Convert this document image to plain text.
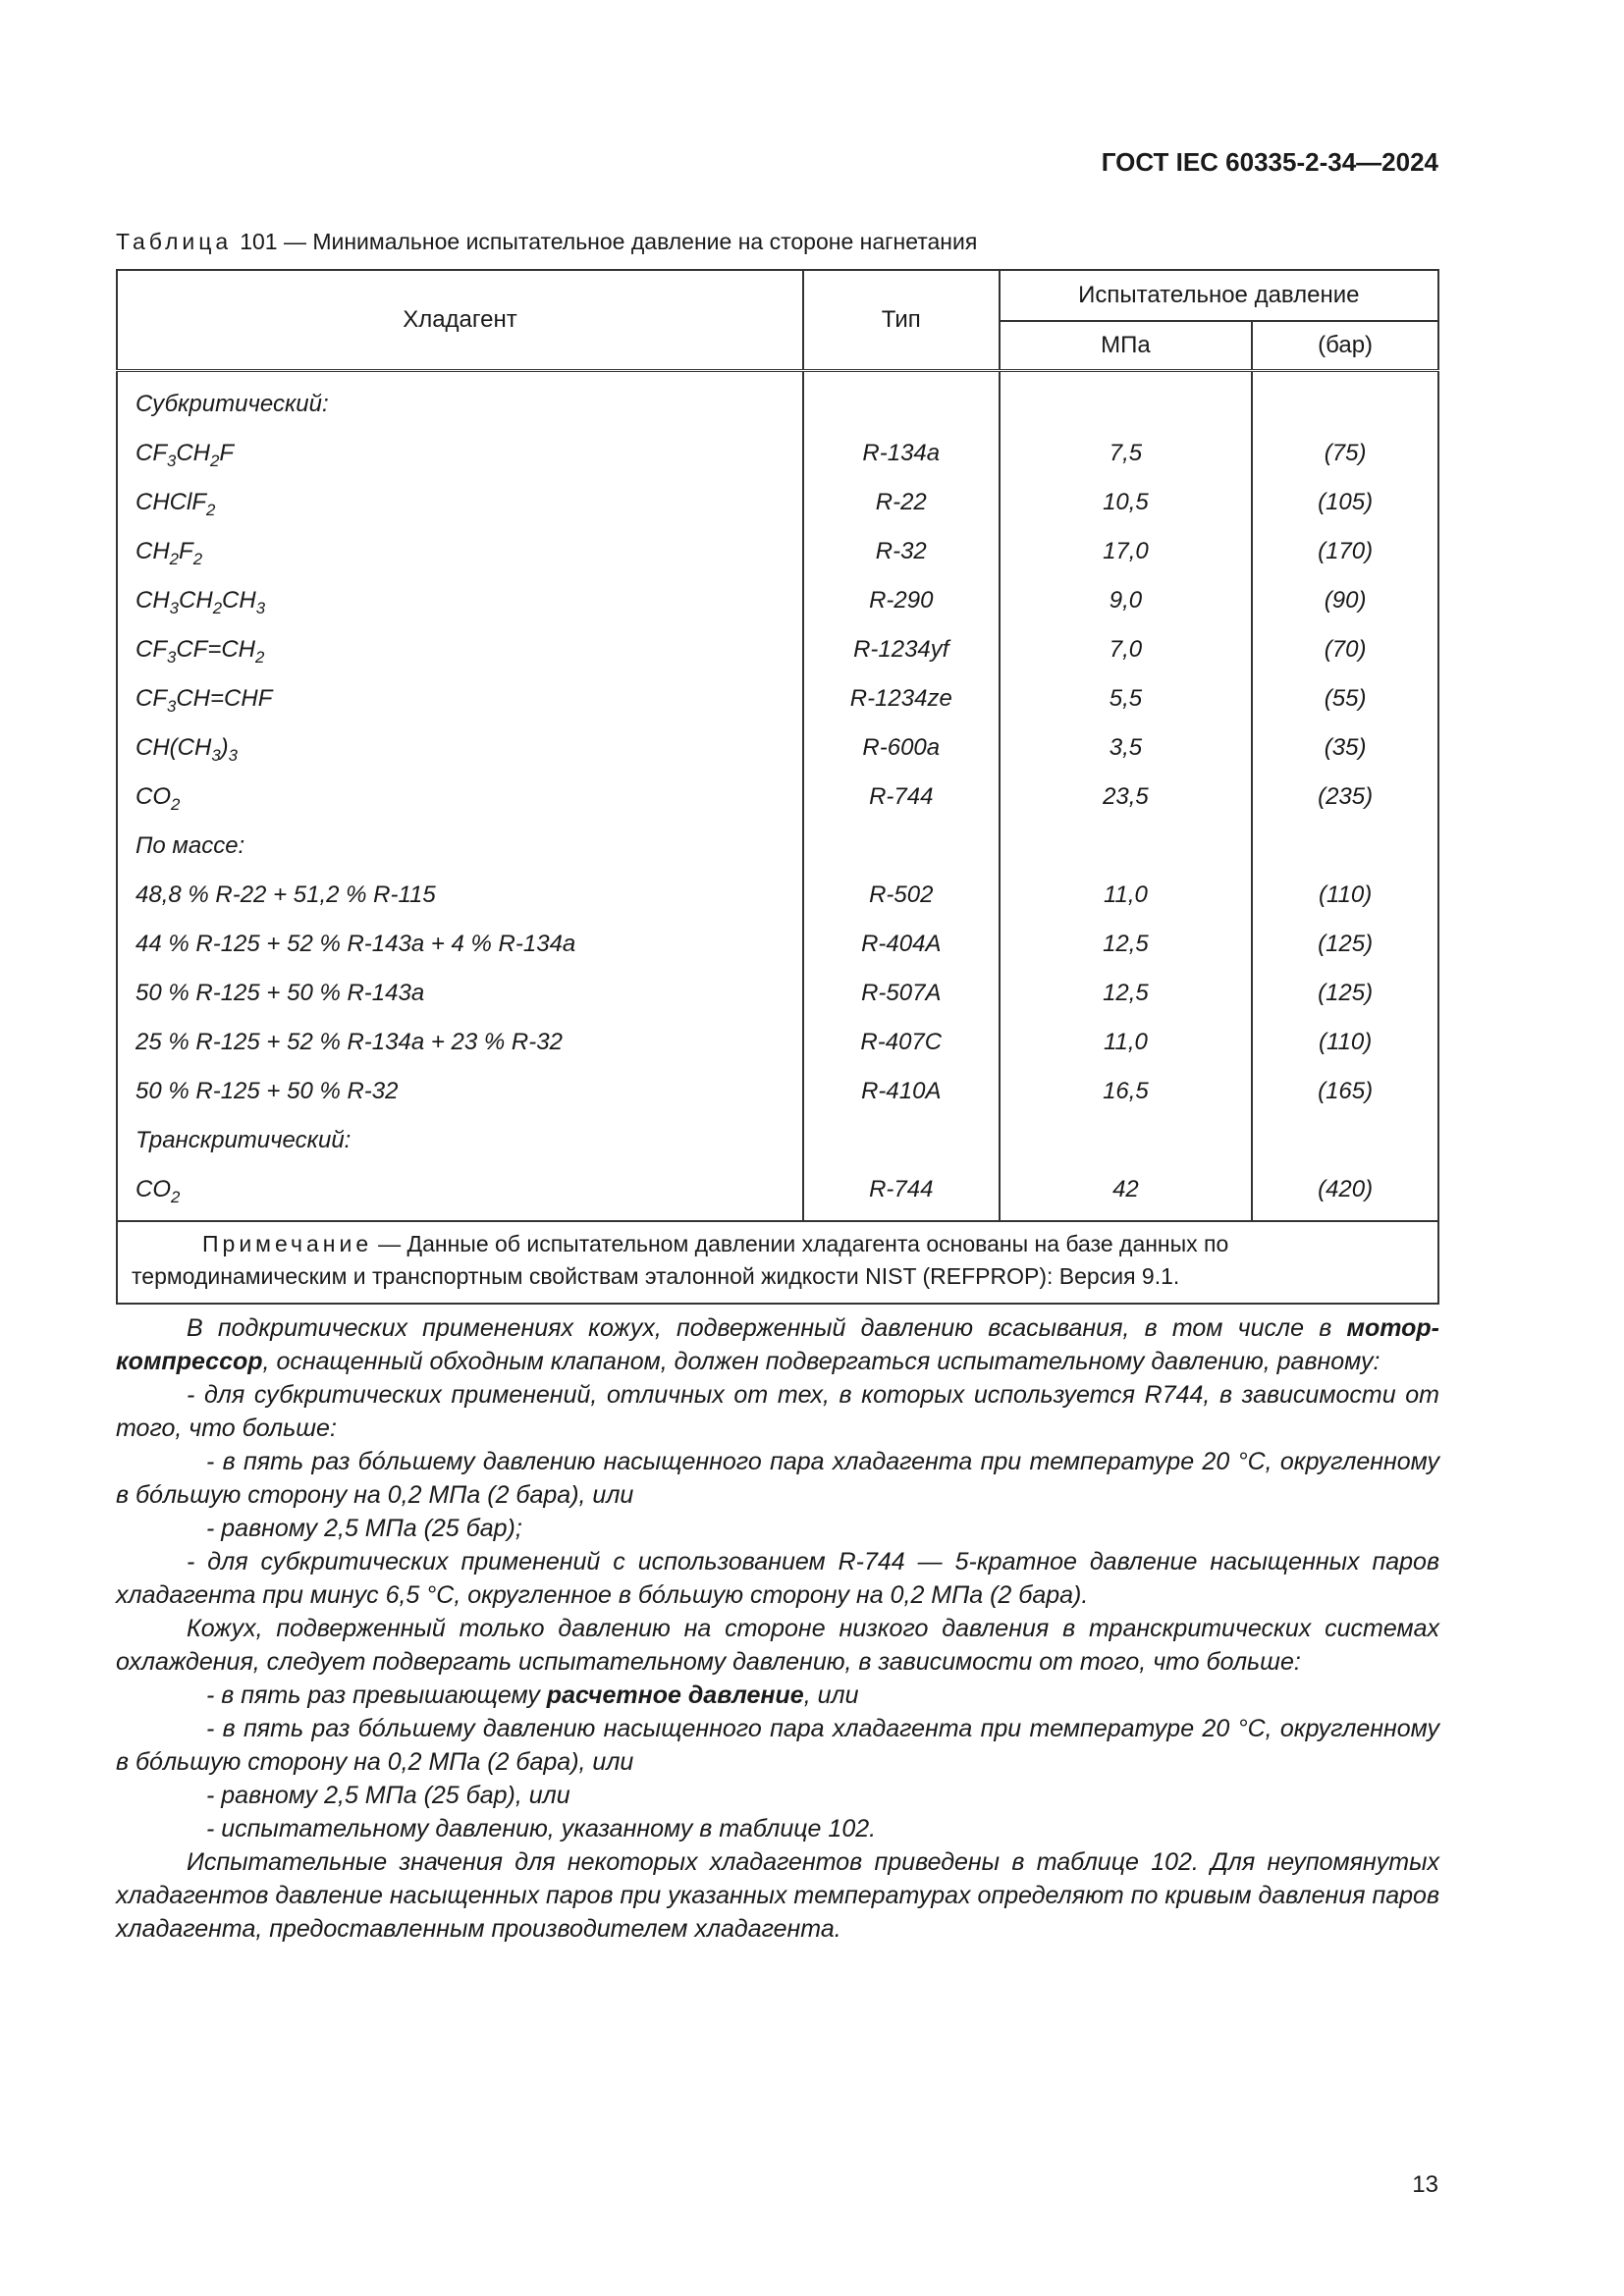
ГОСТ IEC 60335-2-34—2024
Таблица 101 — Минимальное испытательное давление на стороне нагнетания
Хладагент	Тип	Испытательное давление	
		МПа	(бар)
Субкритический:			
$CF_3CH_2F$	R-134a	7,5	(75)
CHClF$_2$	R-22	10,5	(105)
$CH_2F_2$	R-32	17,0	(170)
$CH_3CH_2CH_3$	R-290	9,0	(90)
$CF_3CF=CH_2$	R-1234yf	7,0	(70)
$CF_3CH=CHF$	R-1234ze	5,5	(55)
$CH(CH_3)_3$	R-600a	3,5	(35)
$CO_2$	R-744	23,5	(235)
По массе:			
48,8 % R-22 + 51,2 % R-115	R-502	11,0	(110)
44 % R-125 + 52 % R-143a + 4 % R-134a	R-404A	12,5	(125)
50 % R-125 + 50 % R-143a	R-507A	12,5	(125)
25 % R-125 + 52 % R-134a + 23 % R-32	R-407C	11,0	(110)
50 % R-125 + 50 % R-32	R-410A	16,5	(165)
Транскритический:			
$CO_2$	R-744	42	(420)
Примечание — Данные об испытательном давлении хладагента основаны на базе данных по термодинамическим и транспортным свойствам эталонной жидкости NIST (REFPROP): Версия 9.1.			

В подкритических применениях кожух, подверженный давлению всасывания, в том числе в мотор-компрессор, оснащенный обходным клапаном, должен подвергаться испытательному давлению, равному:

- для субкритических применений, отличных от тех, в которых используется R744, в зависимости от того, что больше:

- в пять раз бóльшему давлению насыщенного пара хладагента при температуре 20 °C, округленному в бóльшую сторону на 0,2 МПа (2 бара), или

- равному 2,5 МПа (25 бар);

- для субкритических применений с использованием R-744 — 5-кратное давление насыщенных паров хладагента при минус 6,5 °C, округленное в бóльшую сторону на 0,2 МПа (2 бара).

Кожух, подверженный только давлению на стороне низкого давления в транскритических системах охлаждения, следует подвергать испытательному давлению, в зависимости от того, что больше:

- в пять раз превышающему расчетное давление, или

- в пять раз бóльшему давлению насыщенного пара хладагента при температуре 20 °C, округленному в бóльшую сторону на 0,2 МПа (2 бара), или

- равному 2,5 МПа (25 бар), или

- испытательному давлению, указанному в таблице 102.

Испытательные значения для некоторых хладагентов приведены в таблице 102. Для неупомянутых хладагентов давление насыщенных паров при указанных температурах определяют по кривым давления паров хладагента, предоставленным производителем хладагента.

13
